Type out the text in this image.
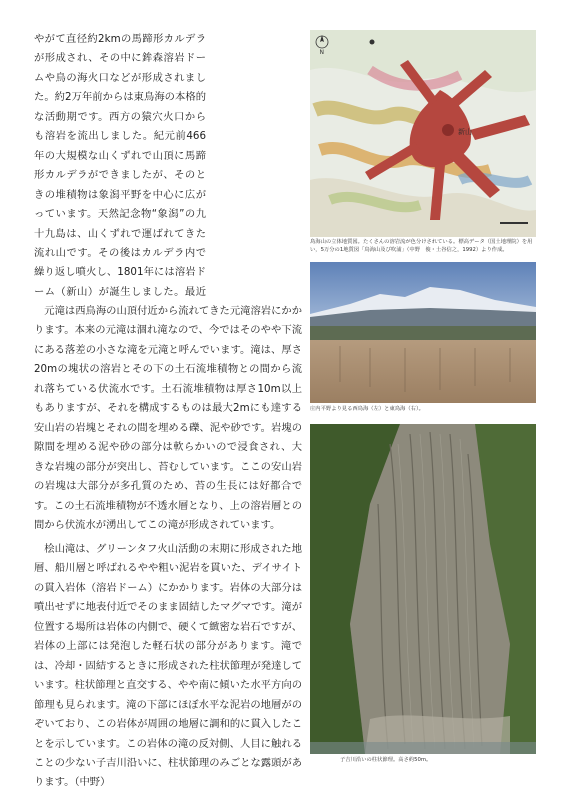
やがて直径約2kmの馬蹄形カルデラが形成され、その中に鉾森溶岩ドームや鳥の海火口などが形成されました。約2万年前からは東鳥海の本格的な活動期です。西方の猿穴火口からも溶岩を流出しました。紀元前466年の大規模な山くずれで山頂に馬蹄形カルデラができましたが、そのときの堆積物は象潟平野を中心に広がっています。天然記念物“象潟”の九十九島は、山くずれで運ばれてきた流れ山です。その後はカルデラ内で繰り返し噴火し、1801年には溶岩ドーム（新山）が誕生しました。最近

新山
N
鳥海山の立体地質図。たくさんの溶岩流が色分けされている。標高データ（国土地理院）を用い，5万分の1地質図「鳥海山及び吹浦」（中野　俊・土谷信之，1992）より作成。

元滝は西鳥海の山頂付近から流れてきた元滝溶岩にかかります。本来の元滝は涸れ滝なので、今ではそのやや下流にある落差の小さな滝を元滝と呼んでいます。滝は、厚さ20mの塊状の溶岩とその下の土石流堆積物との間から流れ落ちている伏流水です。土石流堆積物は厚さ10m以上もありますが、それを構成するものは最大2mにも達する安山岩の岩塊とそれの間を埋める礫、泥や砂です。岩塊の隙間を埋める泥や砂の部分は軟らかいので浸食され、大きな岩塊の部分が突出し、苔むしています。ここの安山岩の岩塊は大部分が多孔質のため、苔の生長には好都合です。この土石流堆積物が不透水層となり、上の溶岩層との間から伏流水が湧出してこの滝が形成されています。

庄内平野より見る西鳥海（左）と東鳥海（右）。

桧山滝は、グリーンタフ火山活動の末期に形成された地層、船川層と呼ばれるやや粗い泥岩を貫いた、デイサイトの貫入岩体（溶岩ドーム）にかかります。岩体の大部分は噴出せずに地表付近でそのまま固結したマグマです。滝が位置する場所は岩体の内側で、硬くて緻密な岩石ですが、岩体の上部には発泡した軽石状の部分があります。滝では、冷却・固結するときに形成された柱状節理が発達しています。柱状節理と直交する、やや南に傾いた水平方向の節理も見られます。滝の下部にほぼ水平な泥岩の地層がのぞいており、この岩体が周囲の地層に調和的に貫入したことを示しています。この岩体の滝の反対側、人目に触れることの少ない子吉川沿いに、柱状節理のみごとな露頭があります。（中野）

子吉川沿いの柱状節理。高さ約50m。
